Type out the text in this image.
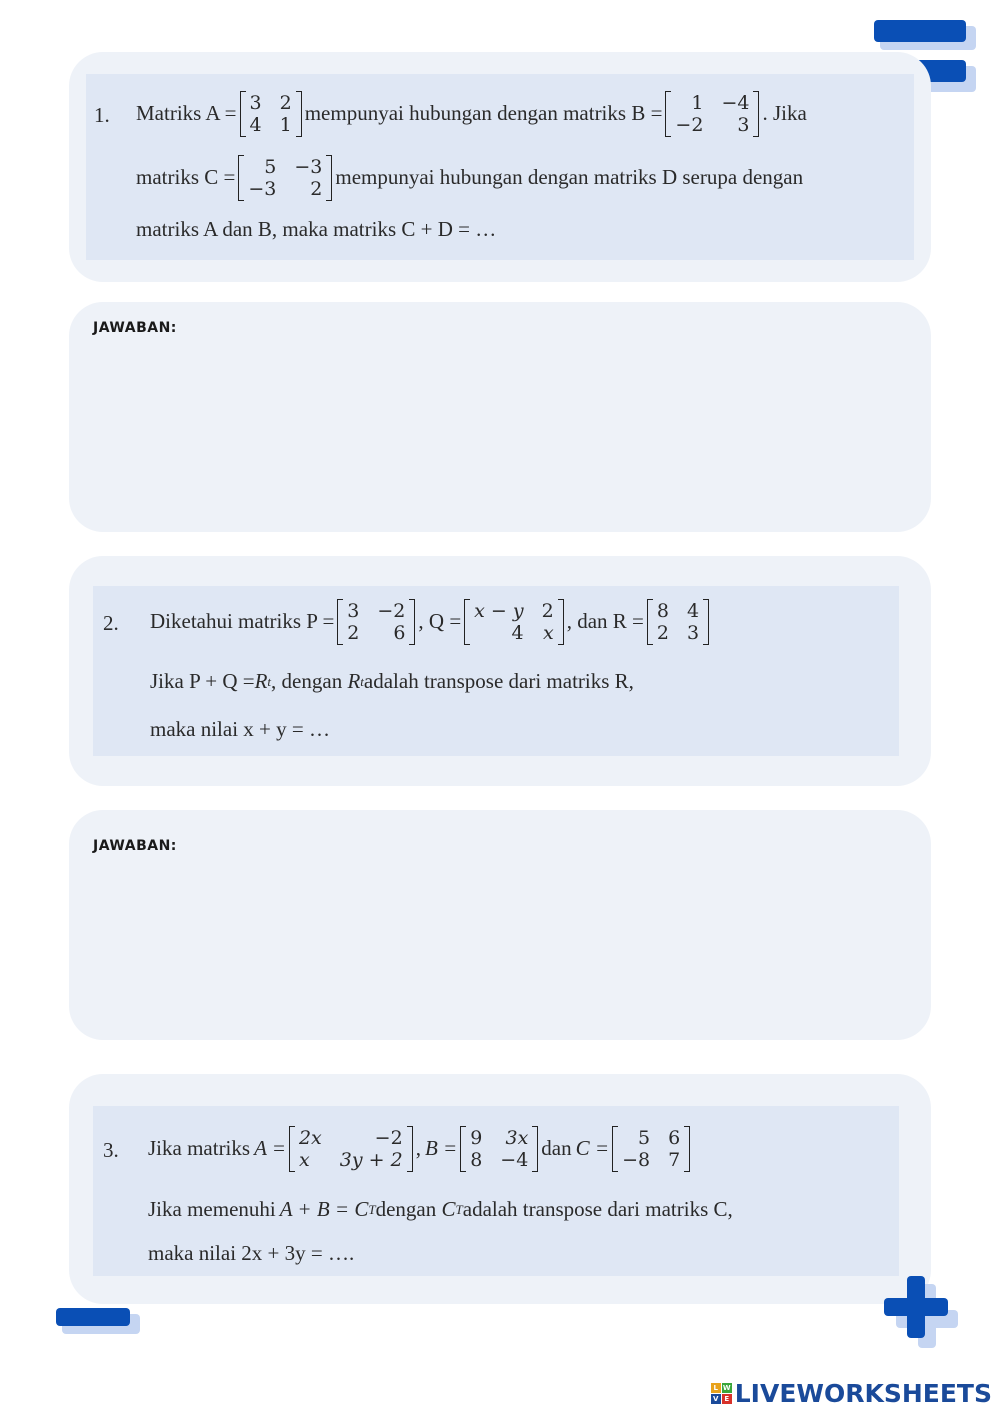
1. Matriks A = 3 2
4 1 mempunyai hubungan dengan matriks B =	1 −4
−2	3 . Jika
matriks C =	5 −3
−3	2 mempunyai hubungan dengan matriks D serupa dengan
matriks A dan B, maka matriks C + D = …
JAWABAN:
2. Diketahui matriks P = 3 −2
2	6 , Q = x − y 2
4 x , dan R = 8 4
2 3
Jika P + Q = R t , dengan
R t adalah transpose dari matriks R,
maka nilai x + y = …
JAWABAN:
3. Jika matriks A = 2x	−2
x	3y + 2 , B = 9 3x
8 −4 dan C =	5 6
−8 7
Jika memenuhi A + B = C T dengan
C T adalah transpose dari matriks C,
maka nilai 2x + 3y = ….
L W
V E LIVEWORKSHEETS
